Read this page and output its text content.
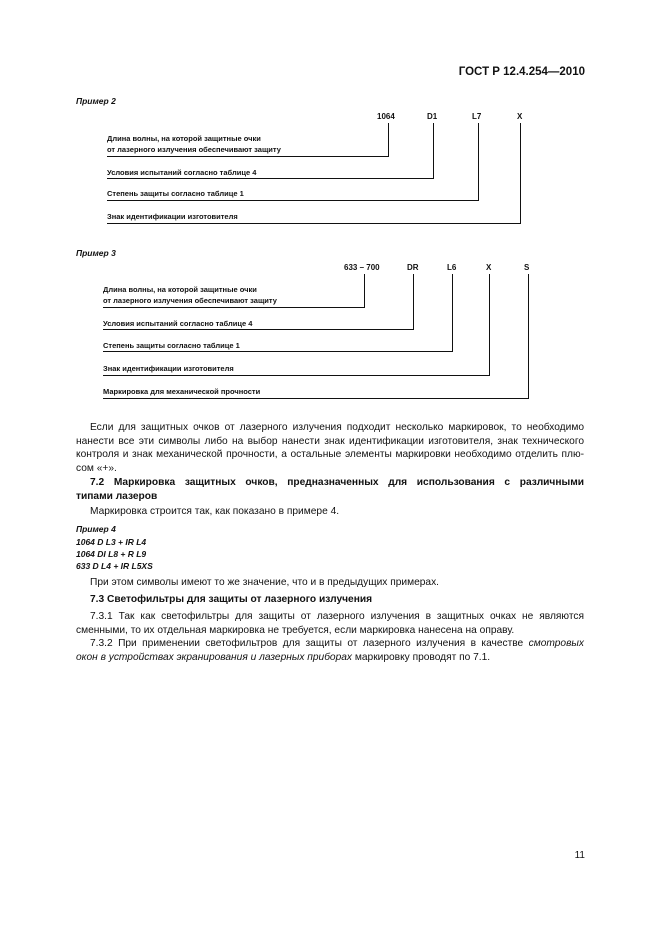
ГОСТ Р 12.4.254—2010
Пример 2
1064	D1	L7	X
Длина волны, на которой защитные очки
от лазерного излучения обеспечивают защиту
Условия испытаний согласно таблице 4
Степень защиты согласно таблице 1
Знак идентификации изготовителя
Пример 3
633 – 700	DR	L6	X	S
Длина волны, на которой защитные очки
от лазерного излучения обеспечивают защиту
Условия испытаний согласно таблице 4
Степень защиты согласно таблице 1
Знак идентификации изготовителя
Маркировка для механической прочности
Если для защитных очков от лазерного излучения подходит несколько маркировок, то необходимо
нанести все эти символы либо на выбор нанести знак идентификации изготовителя, знак технического
контроля и знак механической прочности, а остальные элементы маркировки необходимо отделить плю-
сом «+».
7.2 Маркировка защитных очков, предназначенных для использования с различными
типами лазеров
Маркировка строится так, как показано в примере 4.
Пример 4
1064 D L3 + IR L4
1064 DI L8 + R L9
633 D L4 + IR L5XS
При этом символы имеют то же значение, что и в предыдущих примерах.
7.3 Светофильтры для защиты от лазерного излучения
7.3.1 Так как светофильтры для защиты от лазерного излучения в защитных очках не являются
сменными, то их отдельная маркировка не требуется, если маркировка нанесена на оправу.
7.3.2 При применении светофильтров для защиты от лазерного излучения в качестве смотровых
окон в устройствах экранирования и лазерных приборах маркировку проводят по 7.1.
11
